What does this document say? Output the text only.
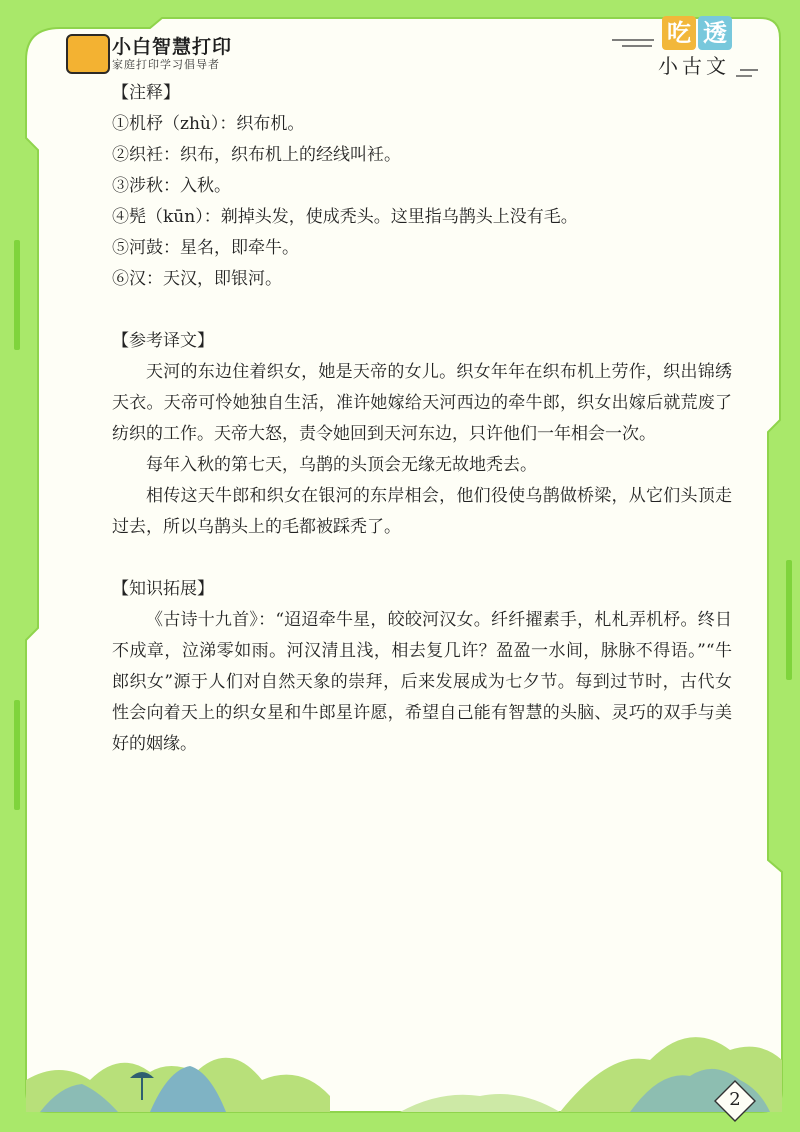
小白智慧打印
家庭打印学习倡导者
吃 透
小古文

【注释】

①机杼（zhù）：织布机。

②织衽：织布，织布机上的经线叫衽。

③涉秋：入秋。

④髡（kūn）：剃掉头发，使成秃头。这里指乌鹊头上没有毛。

⑤河鼓：星名，即牵牛。

⑥汉：天汉，即银河。

【参考译文】

天河的东边住着织女，她是天帝的女儿。织女年年在织布机上劳作，织出锦绣天衣。天帝可怜她独自生活，准许她嫁给天河西边的牵牛郎，织女出嫁后就荒废了纺织的工作。天帝大怒，责令她回到天河东边，只许他们一年相会一次。

每年入秋的第七天，乌鹊的头顶会无缘无故地秃去。

相传这天牛郎和织女在银河的东岸相会，他们役使乌鹊做桥梁，从它们头顶走过去，所以乌鹊头上的毛都被踩秃了。

【知识拓展】

《古诗十九首》：“迢迢牵牛星，皎皎河汉女。纤纤擢素手，札札弄机杼。终日不成章，泣涕零如雨。河汉清且浅，相去复几许？盈盈一水间，脉脉不得语。”“牛郎织女”源于人们对自然天象的崇拜，后来发展成为七夕节。每到过节时，古代女性会向着天上的织女星和牛郎星许愿，希望自己能有智慧的头脑、灵巧的双手与美好的姻缘。

2
